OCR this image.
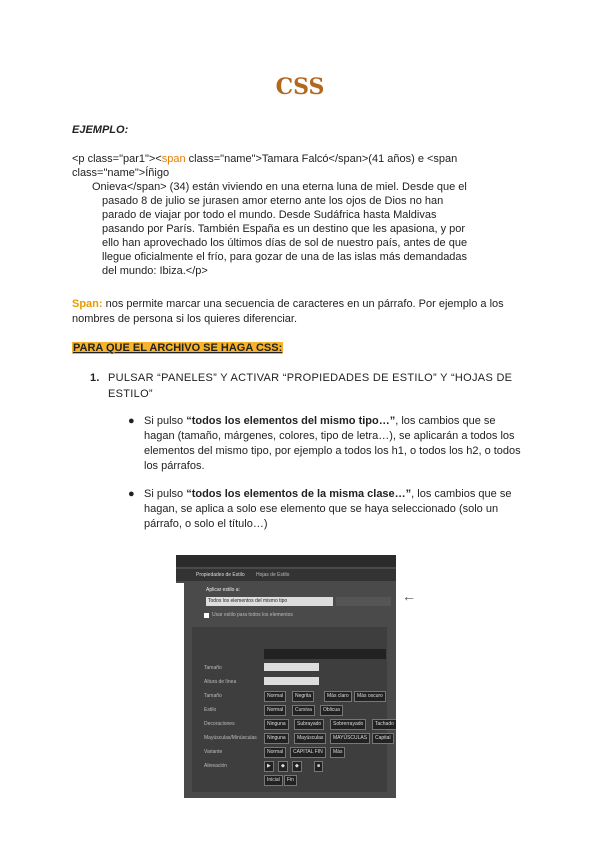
CSS
EJEMPLO:
<p class="par1"><span class="name">Tamara Falcó</span>(41 años) e <span
class="name">Íñigo
Onieva</span> (34) están viviendo en una eterna luna de miel. Desde que el pasado 8 de julio se jurasen amor eterno ante los ojos de Dios no han parado de viajar por todo el mundo. Desde Sudáfrica hasta Maldivas pasando por París. También España es un destino que les apasiona, y por ello han aprovechado los últimos días de sol de nuestro país, antes de que llegue oficialmente el frío, para gozar de una de las islas más demandadas del mundo: Ibiza.</p>
Span: nos permite marcar una secuencia de caracteres en un párrafo. Por ejemplo a los nombres de persona si los quieres diferenciar.
PARA QUE EL ARCHIVO SE HAGA CSS:
1. PULSAR “PANELES” Y ACTIVAR “PROPIEDADES DE ESTILO” Y “HOJAS DE ESTILO”
● Si pulso “todos los elementos del mismo tipo…”, los cambios que se hagan (tamaño, márgenes, colores, tipo de letra…), se aplicarán a todos los elementos del mismo tipo, por ejemplo a todos los h1, o todos los h2, o todos los párrafos.
● Si pulso “todos los elementos de la misma clase…”, los cambios que se hagan, se aplica a solo ese elemento que se haya seleccionado (solo un párrafo, o solo el título…)
Propiedades de Estilo Hojas de Estilo
Aplicar estilo a:
Todos los elementos del mismo tipo
Usar estilo para todos los elementos
Tamaño
Altura de línea
Tamaño	Normal	Negrita	Más claro	Más oscuro
Estilo	Normal	Cursiva	Oblicua
Decoraciones	Ninguna	Subrayado	Sobrerrayado	Tachado
Mayúsculas/Minúsculas	Ninguna	Mayúsculas	MAYÚSCULAS	Capital
Variante	Normal	CAPITAL FIN	Más
Alineación	▶	◆	◆	■
Inicial	Fin
←
